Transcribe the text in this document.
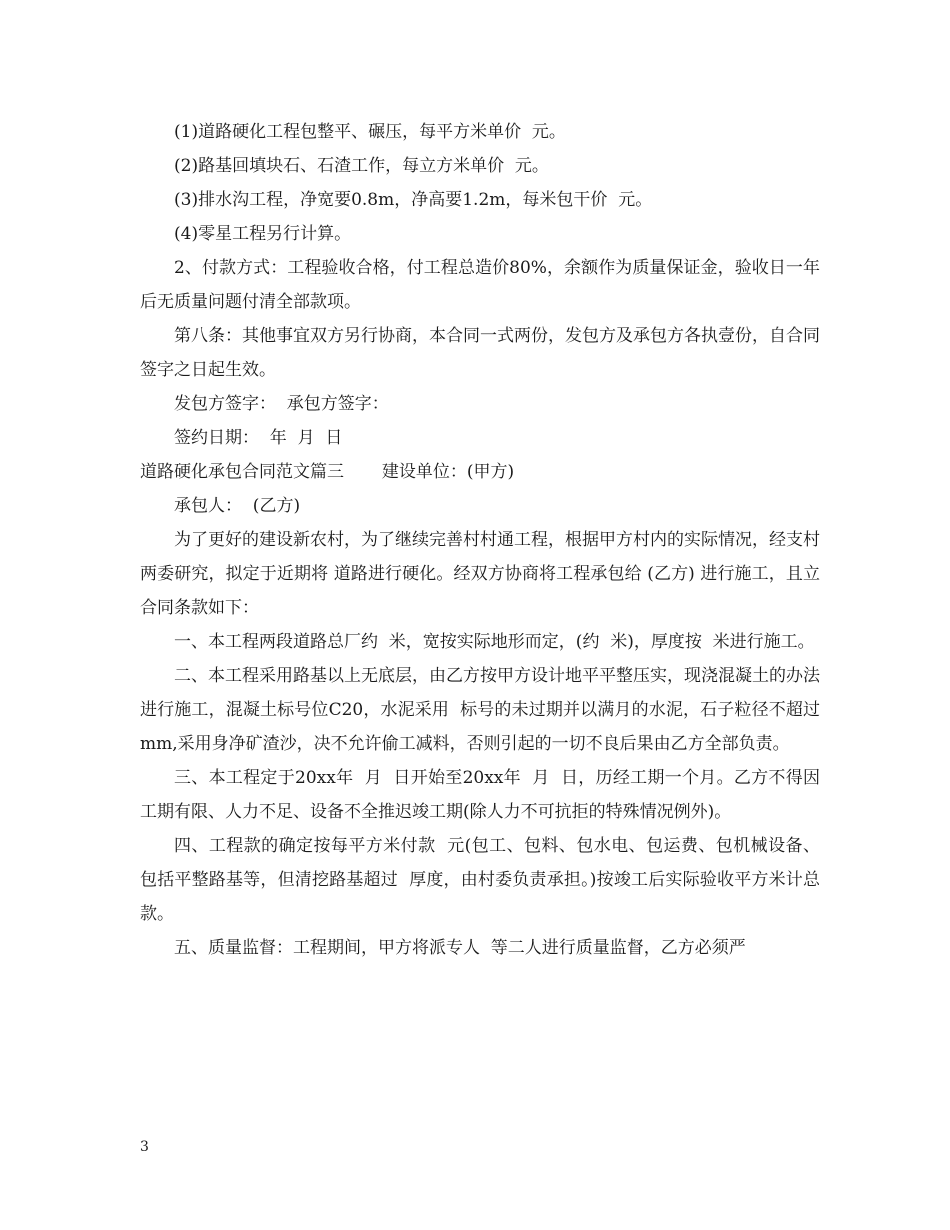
(1)道路硬化工程包整平、碾压，每平方米单价  元。

(2)路基回填块石、石渣工作，每立方米单价  元。

(3)排水沟工程，净宽要0.8m，净高要1.2m，每米包干价  元。

(4)零星工程另行计算。

2、付款方式：工程验收合格，付工程总造价80%，余额作为质量保证金，验收日一年后无质量问题付清全部款项。

第八条：其他事宜双方另行协商，本合同一式两份，发包方及承包方各执壹份，自合同签字之日起生效。

发包方签字：  承包方签字：

签约日期：  年  月  日

道路硬化承包合同范文篇三       建设单位：(甲方)

承包人：  (乙方)

为了更好的建设新农村，为了继续完善村村通工程，根据甲方村内的实际情况，经支村两委研究，拟定于近期将 道路进行硬化。经双方协商将工程承包给 (乙方) 进行施工，且立合同条款如下：

一、本工程两段道路总厂约  米，宽按实际地形而定，(约  米)，厚度按  米进行施工。

二、本工程采用路基以上无底层，由乙方按甲方设计地平平整压实，现浇混凝土的办法进行施工，混凝土标号位C20，水泥采用  标号的未过期并以满月的水泥，石子粒径不超过  mm,采用身净矿渣沙，决不允许偷工减料，否则引起的一切不良后果由乙方全部负责。

三、本工程定于20xx年  月  日开始至20xx年  月  日，历经工期一个月。乙方不得因工期有限、人力不足、设备不全推迟竣工期(除人力不可抗拒的特殊情况例外)。

四、工程款的确定按每平方米付款  元(包工、包料、包水电、包运费、包机械设备、包括平整路基等，但清挖路基超过  厚度，由村委负责承担。)按竣工后实际验收平方米计总款。

五、质量监督：工程期间，甲方将派专人  等二人进行质量监督，乙方必须严

3
